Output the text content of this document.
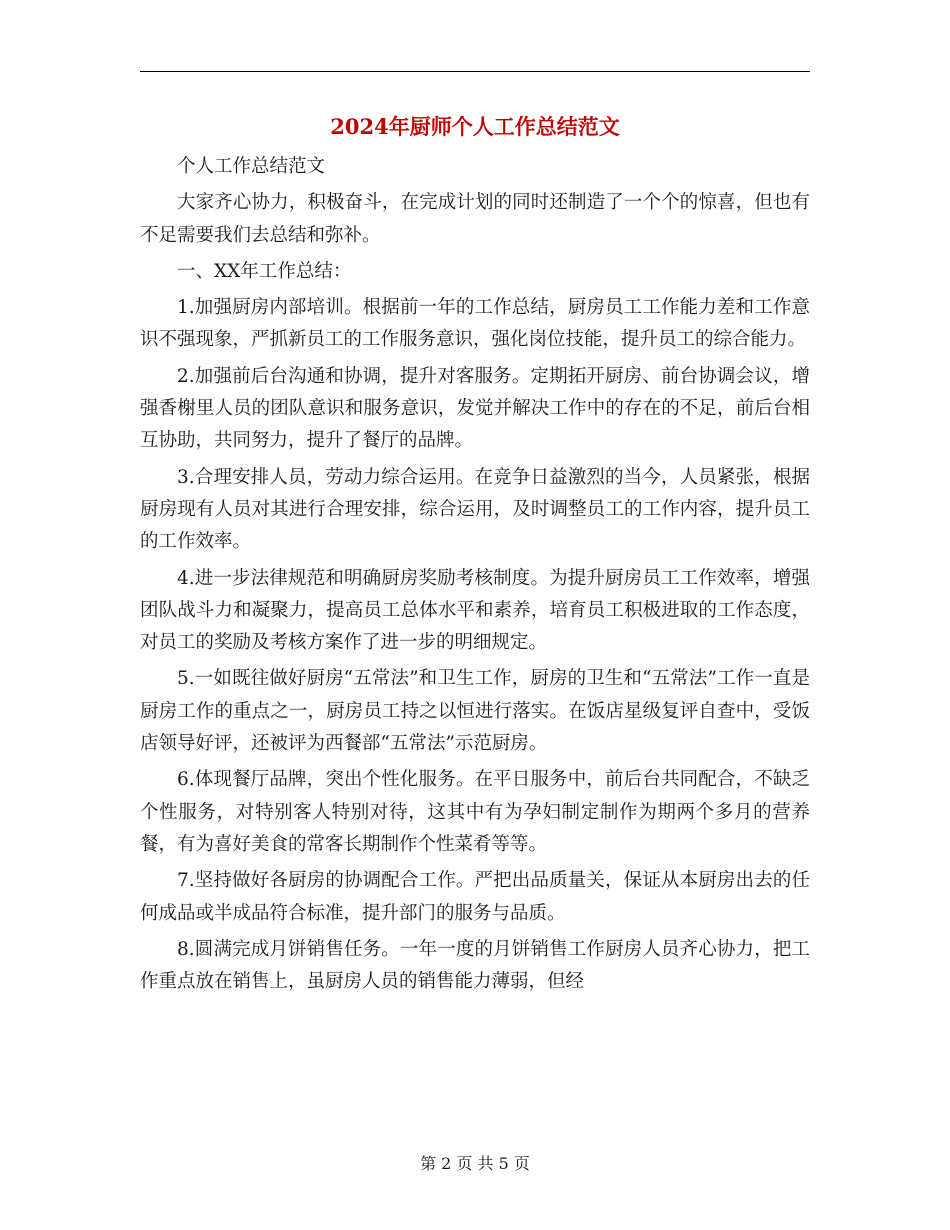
2024年厨师个人工作总结范文

个人工作总结范文

大家齐心协力，积极奋斗，在完成计划的同时还制造了一个个的惊喜，但也有不足需要我们去总结和弥补。

一、XX年工作总结：

1.加强厨房内部培训。根据前一年的工作总结，厨房员工工作能力差和工作意识不强现象，严抓新员工的工作服务意识，强化岗位技能，提升员工的综合能力。

2.加强前后台沟通和协调，提升对客服务。定期拓开厨房、前台协调会议，增强香榭里人员的团队意识和服务意识，发觉并解决工作中的存在的不足，前后台相互协助，共同努力，提升了餐厅的品牌。

3.合理安排人员，劳动力综合运用。在竞争日益激烈的当今，人员紧张，根据厨房现有人员对其进行合理安排，综合运用，及时调整员工的工作内容，提升员工的工作效率。

4.进一步法律规范和明确厨房奖励考核制度。为提升厨房员工工作效率，增强团队战斗力和凝聚力，提高员工总体水平和素养，培育员工积极进取的工作态度，对员工的奖励及考核方案作了进一步的明细规定。

5.一如既往做好厨房“五常法”和卫生工作，厨房的卫生和“五常法”工作一直是厨房工作的重点之一，厨房员工持之以恒进行落实。在饭店星级复评自查中，受饭店领导好评，还被评为西餐部“五常法”示范厨房。

6.体现餐厅品牌，突出个性化服务。在平日服务中，前后台共同配合，不缺乏个性服务，对特别客人特别对待，这其中有为孕妇制定制作为期两个多月的营养餐，有为喜好美食的常客长期制作个性菜肴等等。

7.坚持做好各厨房的协调配合工作。严把出品质量关，保证从本厨房出去的任何成品或半成品符合标准，提升部门的服务与品质。

8.圆满完成月饼销售任务。一年一度的月饼销售工作厨房人员齐心协力，把工作重点放在销售上，虽厨房人员的销售能力薄弱，但经

第 2 页 共 5 页
